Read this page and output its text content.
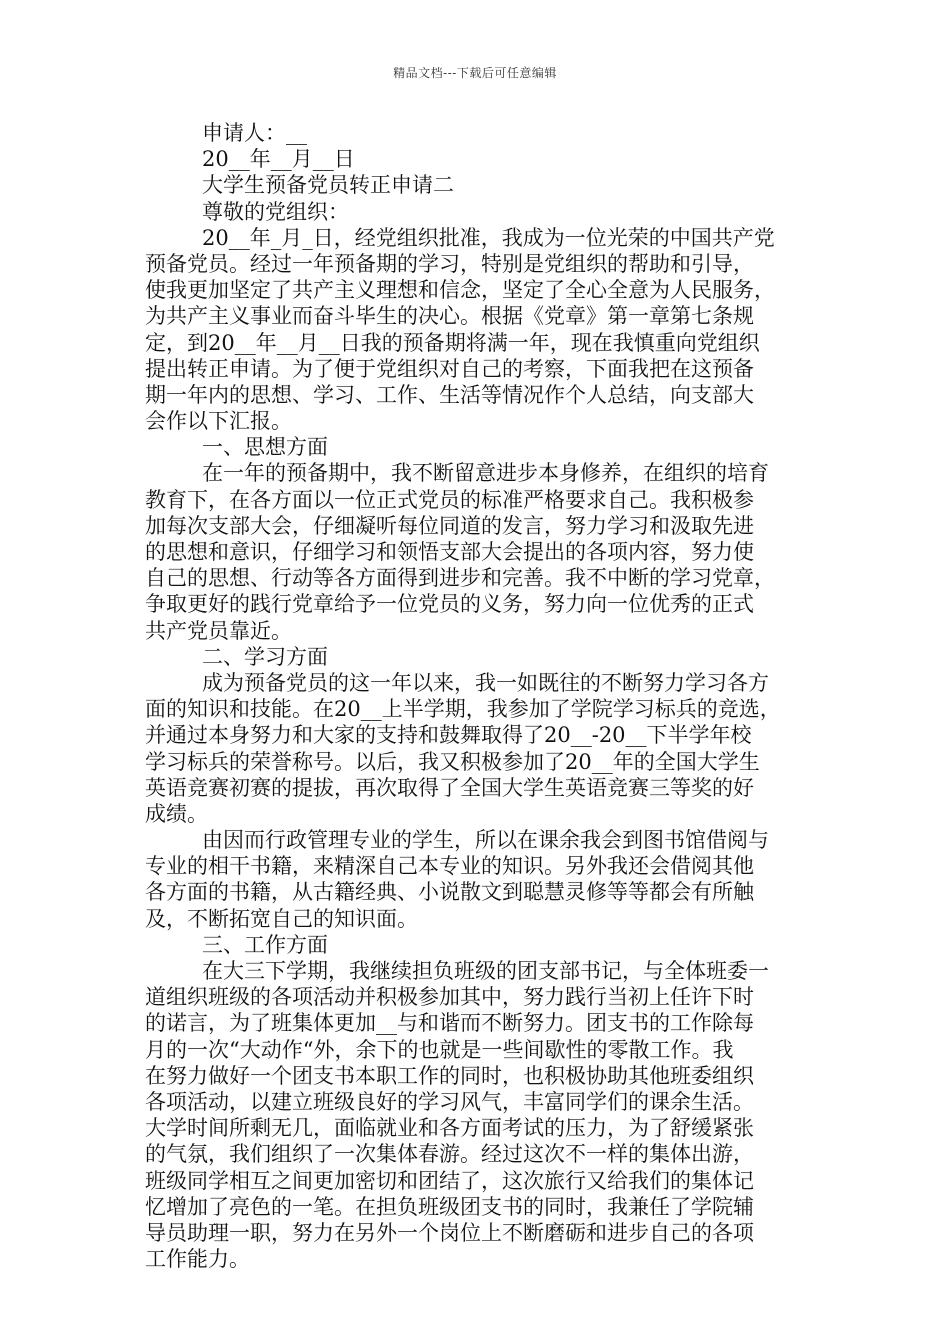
精品文档---下载后可任意编辑
申请人：__
20__年__月__日
大学生预备党员转正申请二
尊敬的党组织：
20__年_月_日，经党组织批准，我成为一位光荣的中国共产党
预备党员。经过一年预备期的学习，特别是党组织的帮助和引导，
使我更加坚定了共产主义理想和信念，坚定了全心全意为人民服务，
为共产主义事业而奋斗毕生的决心。根据《党章》第一章第七条规
定，到20__年__月__日我的预备期将满一年，现在我慎重向党组织
提出转正申请。为了便于党组织对自己的考察，下面我把在这预备
期一年内的思想、学习、工作、生活等情况作个人总结，向支部大
会作以下汇报。
一、思想方面
在一年的预备期中，我不断留意进步本身修养，在组织的培育
教育下，在各方面以一位正式党员的标准严格要求自己。我积极参
加每次支部大会，仔细凝听每位同道的发言，努力学习和汲取先进
的思想和意识，仔细学习和领悟支部大会提出的各项内容，努力使
自己的思想、行动等各方面得到进步和完善。我不中断的学习党章，
争取更好的践行党章给予一位党员的义务，努力向一位优秀的正式
共产党员靠近。
二、学习方面
成为预备党员的这一年以来，我一如既往的不断努力学习各方
面的知识和技能。在20__上半学期，我参加了学院学习标兵的竞选，
并通过本身努力和大家的支持和鼓舞取得了20__-20__下半学年校
学习标兵的荣誉称号。以后，我又积极参加了20__年的全国大学生
英语竞赛初赛的提拔，再次取得了全国大学生英语竞赛三等奖的好
成绩。
由因而行政管理专业的学生，所以在课余我会到图书馆借阅与
专业的相干书籍，来精深自己本专业的知识。另外我还会借阅其他
各方面的书籍，从古籍经典、小说散文到聪慧灵修等等都会有所触
及，不断拓宽自己的知识面。
三、工作方面
在大三下学期，我继续担负班级的团支部书记，与全体班委一
道组织班级的各项活动并积极参加其中，努力践行当初上任许下时
的诺言，为了班集体更加__与和谐而不断努力。团支书的工作除每
月的一次“大动作“外，余下的也就是一些间歇性的零散工作。我
在努力做好一个团支书本职工作的同时，也积极协助其他班委组织
各项活动，以建立班级良好的学习风气，丰富同学们的课余生活。
大学时间所剩无几，面临就业和各方面考试的压力，为了舒缓紧张
的气氛，我们组织了一次集体春游。经过这次不一样的集体出游，
班级同学相互之间更加密切和团结了，这次旅行又给我们的集体记
忆增加了亮色的一笔。在担负班级团支书的同时，我兼任了学院辅
导员助理一职，努力在另外一个岗位上不断磨砺和进步自己的各项
工作能力。
